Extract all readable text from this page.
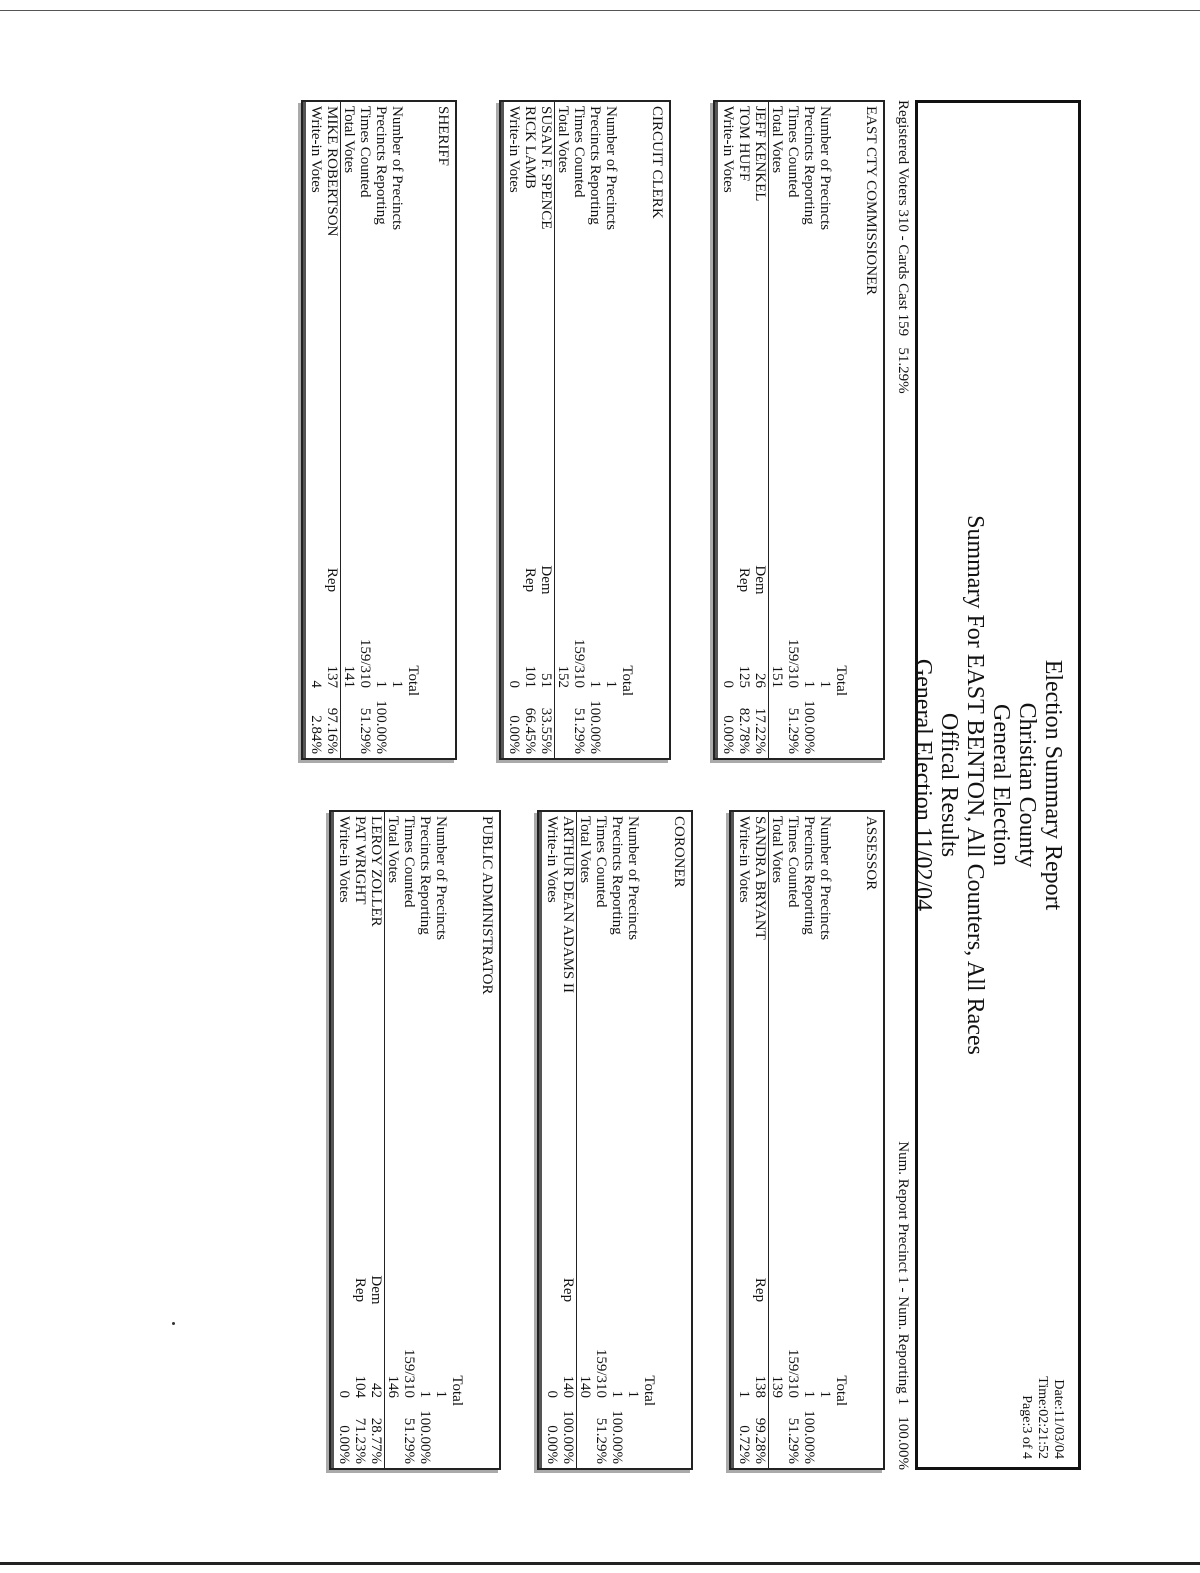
Election Summary Report
Christian County
General Election
Summary For EAST BENTON, All Counters, All Races
Offical Results
General Election 11/02/04
Date:11/03/04
Time:02:21:52
Page:3 of 4
Registered Voters 310 - Cards Cast 159   51.29%
Num. Report Precinct 1 - Num. Reporting 1   100.00%
EAST CTY COMMISSIONER
Total
Number of Precincts
1
Precincts Reporting
1
100.00%
Times Counted
159/310
51.29%
Total Votes
151
JEFF KENKEL
Dem
26
17.22%
TOM HUFF
Rep
125
82.78%
Write-in Votes
0
0.00%
CIRCUIT CLERK
Total
Number of Precincts
1
Precincts Reporting
1
100.00%
Times Counted
159/310
51.29%
Total Votes
152
SUSAN F. SPENCE
Dem
51
33.55%
RICK LAMB
Rep
101
66.45%
Write-in Votes
0
0.00%
SHERIFF
Total
Number of Precincts
1
Precincts Reporting
1
100.00%
Times Counted
159/310
51.29%
Total Votes
141
MIKE ROBERTSON
Rep
137
97.16%
Write-in Votes
4
2.84%
ASSESSOR
Total
Number of Precincts
1
Precincts Reporting
1
100.00%
Times Counted
159/310
51.29%
Total Votes
139
SANDRA BRYANT
Rep
138
99.28%
Write-in Votes
1
0.72%
CORONER
Total
Number of Precincts
1
Precincts Reporting
1
100.00%
Times Counted
159/310
51.29%
Total Votes
140
ARTHUR DEAN ADAMS II
Rep
140
100.00%
Write-in Votes
0
0.00%
PUBLIC ADMINISTRATOR
Total
Number of Precincts
1
Precincts Reporting
1
100.00%
Times Counted
159/310
51.29%
Total Votes
146
LEROY ZOLLER
Dem
42
28.77%
PAT WRIGHT
Rep
104
71.23%
Write-in Votes
0
0.00%
